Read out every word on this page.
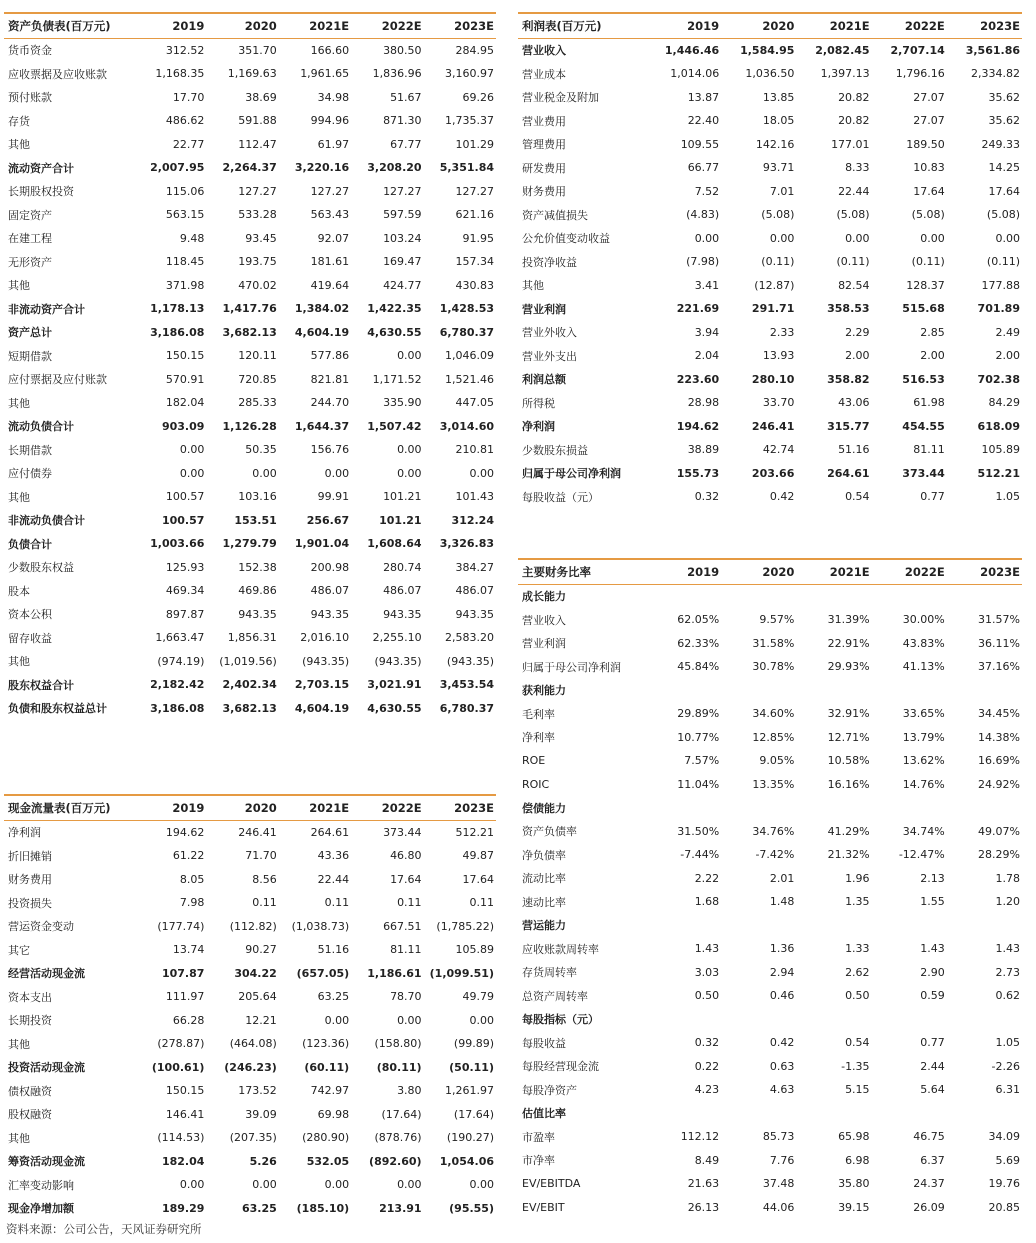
资产负债表(百万元)	2019	2020	2021E	2022E	2023E
货币资金	312.52	351.70	166.60	380.50	284.95
应收票据及应收账款	1,168.35	1,169.63	1,961.65	1,836.96	3,160.97
预付账款	17.70	38.69	34.98	51.67	69.26
存货	486.62	591.88	994.96	871.30	1,735.37
其他	22.77	112.47	61.97	67.77	101.29
流动资产合计	2,007.95	2,264.37	3,220.16	3,208.20	5,351.84
长期股权投资	115.06	127.27	127.27	127.27	127.27
固定资产	563.15	533.28	563.43	597.59	621.16
在建工程	9.48	93.45	92.07	103.24	91.95
无形资产	118.45	193.75	181.61	169.47	157.34
其他	371.98	470.02	419.64	424.77	430.83
非流动资产合计	1,178.13	1,417.76	1,384.02	1,422.35	1,428.53
资产总计	3,186.08	3,682.13	4,604.19	4,630.55	6,780.37
短期借款	150.15	120.11	577.86	0.00	1,046.09
应付票据及应付账款	570.91	720.85	821.81	1,171.52	1,521.46
其他	182.04	285.33	244.70	335.90	447.05
流动负债合计	903.09	1,126.28	1,644.37	1,507.42	3,014.60
长期借款	0.00	50.35	156.76	0.00	210.81
应付债券	0.00	0.00	0.00	0.00	0.00
其他	100.57	103.16	99.91	101.21	101.43
非流动负债合计	100.57	153.51	256.67	101.21	312.24
负债合计	1,003.66	1,279.79	1,901.04	1,608.64	3,326.83
少数股东权益	125.93	152.38	200.98	280.74	384.27
股本	469.34	469.86	486.07	486.07	486.07
资本公积	897.87	943.35	943.35	943.35	943.35
留存收益	1,663.47	1,856.31	2,016.10	2,255.10	2,583.20
其他	(974.19)	(1,019.56)	(943.35)	(943.35)	(943.35)
股东权益合计	2,182.42	2,402.34	2,703.15	3,021.91	3,453.54
负债和股东权益总计	3,186.08	3,682.13	4,604.19	4,630.55	6,780.37
利润表(百万元)	2019	2020	2021E	2022E	2023E
营业收入	1,446.46	1,584.95	2,082.45	2,707.14	3,561.86
营业成本	1,014.06	1,036.50	1,397.13	1,796.16	2,334.82
营业税金及附加	13.87	13.85	20.82	27.07	35.62
营业费用	22.40	18.05	20.82	27.07	35.62
管理费用	109.55	142.16	177.01	189.50	249.33
研发费用	66.77	93.71	8.33	10.83	14.25
财务费用	7.52	7.01	22.44	17.64	17.64
资产减值损失	(4.83)	(5.08)	(5.08)	(5.08)	(5.08)
公允价值变动收益	0.00	0.00	0.00	0.00	0.00
投资净收益	(7.98)	(0.11)	(0.11)	(0.11)	(0.11)
其他	3.41	(12.87)	82.54	128.37	177.88
营业利润	221.69	291.71	358.53	515.68	701.89
营业外收入	3.94	2.33	2.29	2.85	2.49
营业外支出	2.04	13.93	2.00	2.00	2.00
利润总额	223.60	280.10	358.82	516.53	702.38
所得税	28.98	33.70	43.06	61.98	84.29
净利润	194.62	246.41	315.77	454.55	618.09
少数股东损益	38.89	42.74	51.16	81.11	105.89
归属于母公司净利润	155.73	203.66	264.61	373.44	512.21
每股收益（元）	0.32	0.42	0.54	0.77	1.05
主要财务比率	2019	2020	2021E	2022E	2023E
成长能力					
营业收入	62.05%	9.57%	31.39%	30.00%	31.57%
营业利润	62.33%	31.58%	22.91%	43.83%	36.11%
归属于母公司净利润	45.84%	30.78%	29.93%	41.13%	37.16%
获利能力					
毛利率	29.89%	34.60%	32.91%	33.65%	34.45%
净利率	10.77%	12.85%	12.71%	13.79%	14.38%
ROE	7.57%	9.05%	10.58%	13.62%	16.69%
ROIC	11.04%	13.35%	16.16%	14.76%	24.92%
偿债能力					
资产负债率	31.50%	34.76%	41.29%	34.74%	49.07%
净负债率	-7.44%	-7.42%	21.32%	-12.47%	28.29%
流动比率	2.22	2.01	1.96	2.13	1.78
速动比率	1.68	1.48	1.35	1.55	1.20
营运能力					
应收账款周转率	1.43	1.36	1.33	1.43	1.43
存货周转率	3.03	2.94	2.62	2.90	2.73
总资产周转率	0.50	0.46	0.50	0.59	0.62
每股指标（元）					
每股收益	0.32	0.42	0.54	0.77	1.05
每股经营现金流	0.22	0.63	-1.35	2.44	-2.26
每股净资产	4.23	4.63	5.15	5.64	6.31
估值比率					
市盈率	112.12	85.73	65.98	46.75	34.09
市净率	8.49	7.76	6.98	6.37	5.69
EV/EBITDA	21.63	37.48	35.80	24.37	19.76
EV/EBIT	26.13	44.06	39.15	26.09	20.85
现金流量表(百万元)	2019	2020	2021E	2022E	2023E
净利润	194.62	246.41	264.61	373.44	512.21
折旧摊销	61.22	71.70	43.36	46.80	49.87
财务费用	8.05	8.56	22.44	17.64	17.64
投资损失	7.98	0.11	0.11	0.11	0.11
营运资金变动	(177.74)	(112.82)	(1,038.73)	667.51	(1,785.22)
其它	13.74	90.27	51.16	81.11	105.89
经营活动现金流	107.87	304.22	(657.05)	1,186.61	(1,099.51)
资本支出	111.97	205.64	63.25	78.70	49.79
长期投资	66.28	12.21	0.00	0.00	0.00
其他	(278.87)	(464.08)	(123.36)	(158.80)	(99.89)
投资活动现金流	(100.61)	(246.23)	(60.11)	(80.11)	(50.11)
债权融资	150.15	173.52	742.97	3.80	1,261.97
股权融资	146.41	39.09	69.98	(17.64)	(17.64)
其他	(114.53)	(207.35)	(280.90)	(878.76)	(190.27)
筹资活动现金流	182.04	5.26	532.05	(892.60)	1,054.06
汇率变动影响	0.00	0.00	0.00	0.00	0.00
现金净增加额	189.29	63.25	(185.10)	213.91	(95.55)
资料来源：公司公告，天风证券研究所
